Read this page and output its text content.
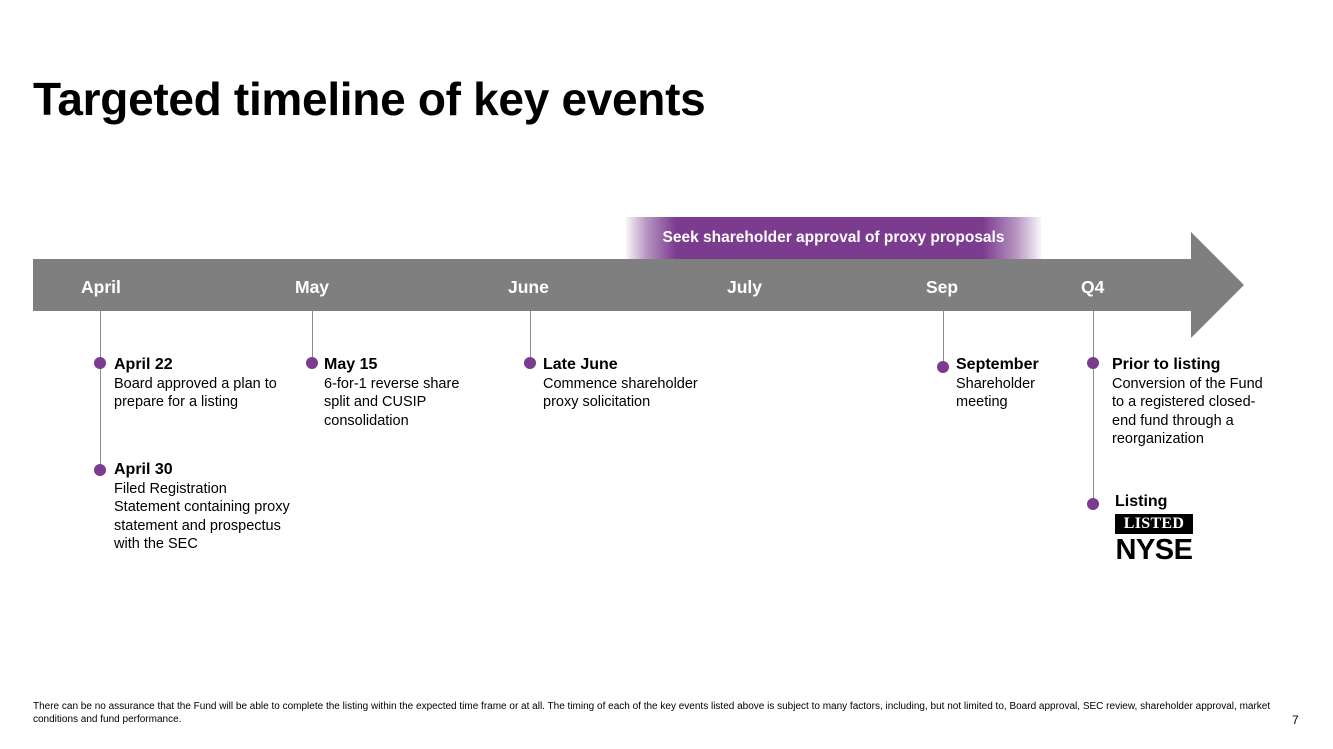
Targeted timeline of key events
Seek shareholder approval of proxy proposals
April	May	June	July	Sep	Q4
April 22
Board approved a plan to prepare for a listing
April 30
Filed Registration Statement containing proxy statement and prospectus with the SEC
May 15
6-for-1 reverse share split and CUSIP consolidation
Late June
Commence shareholder proxy solicitation
September
Shareholder meeting
Prior to listing
Conversion of the Fund to a registered closed-end fund through a reorganization
Listing
LISTED
NYSE
There can be no assurance that the Fund will be able to complete the listing within the expected time frame or at all. The timing of each of the key events listed above is subject to many factors, including, but not limited to, Board approval, SEC review, shareholder approval, market conditions and fund performance.	7
